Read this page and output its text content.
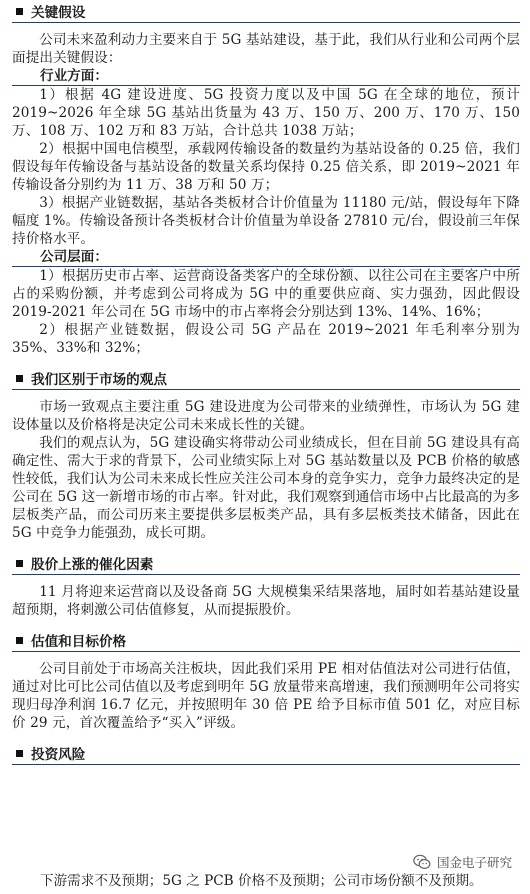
关键假设

公司未来盈利动力主要来自于 5G 基站建设，基于此，我们从行业和公司两个层面提出关键假设：

行业方面：

1）根据 4G 建设进度、5G 投资力度以及中国 5G 在全球的地位，预计 2019~2026 年全球 5G 基站出货量为 43 万、150 万、200 万、170 万、150 万、108 万、102 万和 83 万站，合计总共 1038 万站；

2）根据中国电信模型，承载网传输设备的数量约为基站设备的 0.25 倍，我们假设每年传输设备与基站设备的数量关系均保持 0.25 倍关系，即 2019~2021 年传输设备分别约为 11 万、38 万和 50 万；

3）根据产业链数据，基站各类板材合计价值量为 11180 元/站，假设每年下降幅度 1%。传输设备预计各类板材合计价值量为单设备 27810 元/台，假设前三年保持价格水平。

公司层面：

1）根据历史市占率、运营商设备类客户的全球份额、以往公司在主要客户中所占的采购份额，并考虑到公司将成为 5G 中的重要供应商、实力强劲，因此假设 2019-2021 年公司在 5G 市场中的市占率将会分别达到 13%、14%、16%；

2）根据产业链数据，假设公司 5G 产品在 2019~2021 年毛利率分别为 35%、33%和 32%；

我们区别于市场的观点

市场一致观点主要注重 5G 建设进度为公司带来的业绩弹性，市场认为 5G 建设体量以及价格将是决定公司未来成长性的关键。

我们的观点认为，5G 建设确实将带动公司业绩成长，但在目前 5G 建设具有高确定性、需大于求的背景下，公司业绩实际上对 5G 基站数量以及 PCB 价格的敏感性较低，我们认为公司未来成长性应关注公司本身的竞争实力，竞争力最终决定的是公司在 5G 这一新增市场的市占率。针对此，我们观察到通信市场中占比最高的为多层板类产品，而公司历来主要提供多层板类产品，具有多层板类技术储备，因此在 5G 中竞争力能强劲，成长可期。

股价上涨的催化因素

11 月将迎来运营商以及设备商 5G 大规模集采结果落地，届时如若基站建设量超预期，将刺激公司估值修复，从而提振股价。

估值和目标价格

公司目前处于市场高关注板块，因此我们采用 PE 相对估值法对公司进行估值，通过对比可比公司估值以及考虑到明年 5G 放量带来高增速，我们预测明年公司将实现归母净利润 16.7 亿元，并按照明年 30 倍 PE 给予目标市值 501 亿，对应目标价 29 元，首次覆盖给予“买入”评级。

投资风险
下游需求不及预期；5G 之 PCB 价格不及预期；公司市场份额不及预期。
国金电子研究
